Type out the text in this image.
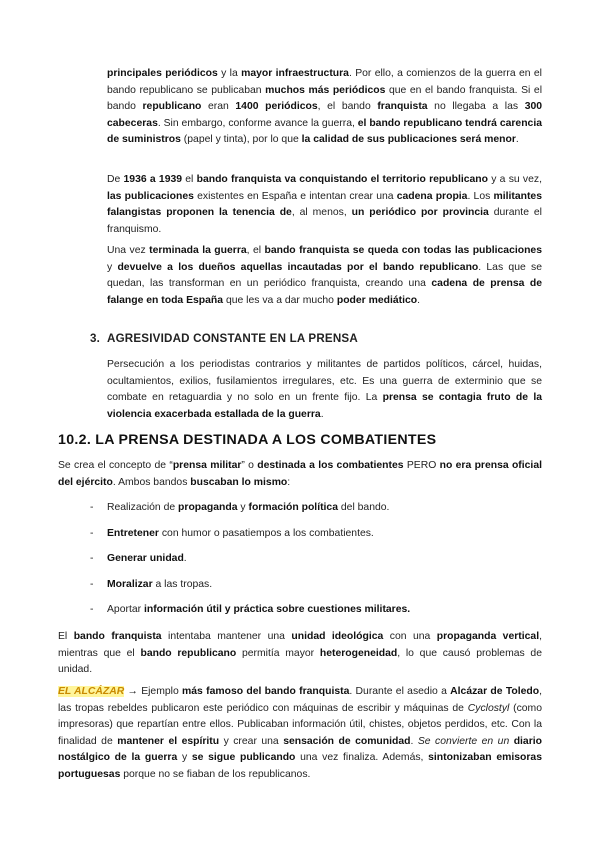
principales periódicos y la mayor infraestructura. Por ello, a comienzos de la guerra en el bando republicano se publicaban muchos más periódicos que en el bando franquista. Si el bando republicano eran 1400 periódicos, el bando franquista no llegaba a las 300 cabeceras. Sin embargo, conforme avance la guerra, el bando republicano tendrá carencia de suministros (papel y tinta), por lo que la calidad de sus publicaciones será menor.

De 1936 a 1939 el bando franquista va conquistando el territorio republicano y a su vez, las publicaciones existentes en España e intentan crear una cadena propia. Los militantes falangistas proponen la tenencia de, al menos, un periódico por provincia durante el franquismo.

Una vez terminada la guerra, el bando franquista se queda con todas las publicaciones y devuelve a los dueños aquellas incautadas por el bando republicano. Las que se quedan, las transforman en un periódico franquista, creando una cadena de prensa de falange en toda España que les va a dar mucho poder mediático.

3. AGRESIVIDAD CONSTANTE EN LA PRENSA

Persecución a los periodistas contrarios y militantes de partidos políticos, cárcel, huidas, ocultamientos, exilios, fusilamientos irregulares, etc. Es una guerra de exterminio que se combate en retaguardia y no solo en un frente fijo. La prensa se contagia fruto de la violencia exacerbada estallada de la guerra.

10.2. LA PRENSA DESTINADA A LOS COMBATIENTES

Se crea el concepto de “prensa militar” o destinada a los combatientes PERO no era prensa oficial del ejército. Ambos bandos buscaban lo mismo:

- Realización de propaganda y formación política del bando.
- Entretener con humor o pasatiempos a los combatientes.
- Generar unidad.
- Moralizar a las tropas.
- Aportar información útil y práctica sobre cuestiones militares.

El bando franquista intentaba mantener una unidad ideológica con una propaganda vertical, mientras que el bando republicano permitía mayor heterogeneidad, lo que causó problemas de unidad.

EL ALCÁZAR → Ejemplo más famoso del bando franquista. Durante el asedio a Alcázar de Toledo, las tropas rebeldes publicaron este periódico con máquinas de escribir y máquinas de Cyclostyl (como impresoras) que repartían entre ellos. Publicaban información útil, chistes, objetos perdidos, etc. Con la finalidad de mantener el espíritu y crear una sensación de comunidad. Se convierte en un diario nostálgico de la guerra y se sigue publicando una vez finaliza. Además, sintonizaban emisoras portuguesas porque no se fiaban de los republicanos.
